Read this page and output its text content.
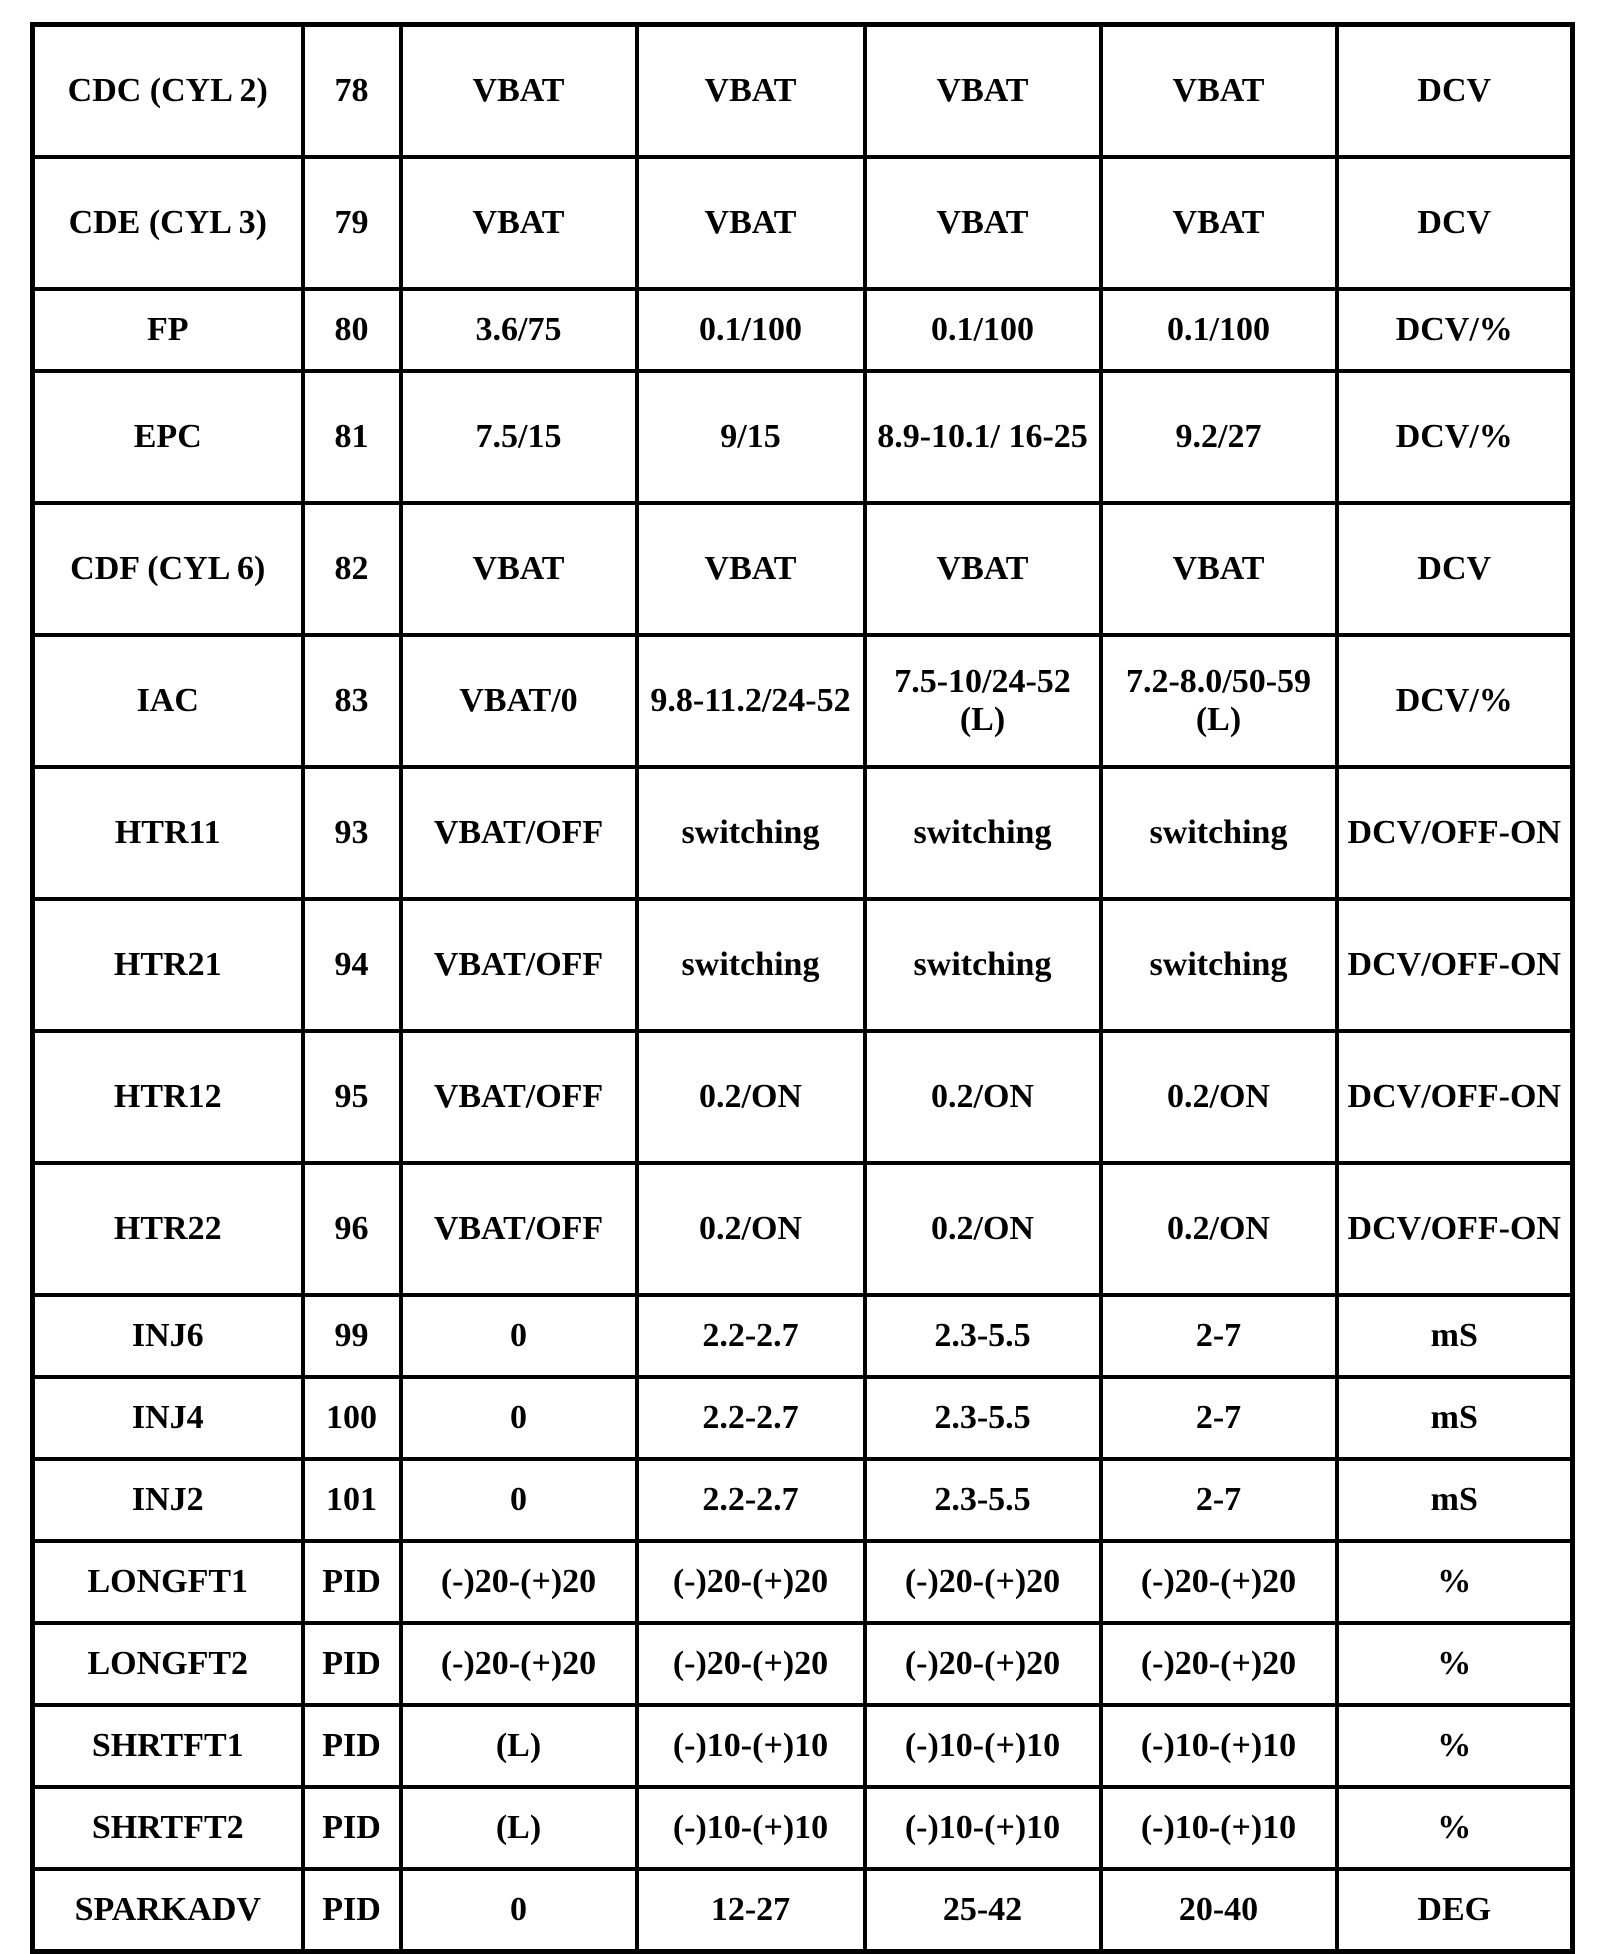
CDC (CYL 2)	78	VBAT	VBAT	VBAT	VBAT	DCV
CDE (CYL 3)	79	VBAT	VBAT	VBAT	VBAT	DCV
FP	80	3.6/75	0.1/100	0.1/100	0.1/100	DCV/%
EPC	81	7.5/15	9/15	8.9-10.1/ 16-25	9.2/27	DCV/%
CDF (CYL 6)	82	VBAT	VBAT	VBAT	VBAT	DCV
IAC	83	VBAT/0	9.8-11.2/24-52	7.5-10/24-52 (L)	7.2-8.0/50-59 (L)	DCV/%
HTR11	93	VBAT/OFF	switching	switching	switching	DCV/OFF-ON
HTR21	94	VBAT/OFF	switching	switching	switching	DCV/OFF-ON
HTR12	95	VBAT/OFF	0.2/ON	0.2/ON	0.2/ON	DCV/OFF-ON
HTR22	96	VBAT/OFF	0.2/ON	0.2/ON	0.2/ON	DCV/OFF-ON
INJ6	99	0	2.2-2.7	2.3-5.5	2-7	mS
INJ4	100	0	2.2-2.7	2.3-5.5	2-7	mS
INJ2	101	0	2.2-2.7	2.3-5.5	2-7	mS
LONGFT1	PID	(-)20-(+)20	(-)20-(+)20	(-)20-(+)20	(-)20-(+)20	%
LONGFT2	PID	(-)20-(+)20	(-)20-(+)20	(-)20-(+)20	(-)20-(+)20	%
SHRTFT1	PID	(L)	(-)10-(+)10	(-)10-(+)10	(-)10-(+)10	%
SHRTFT2	PID	(L)	(-)10-(+)10	(-)10-(+)10	(-)10-(+)10	%
SPARKADV	PID	0	12-27	25-42	20-40	DEG
